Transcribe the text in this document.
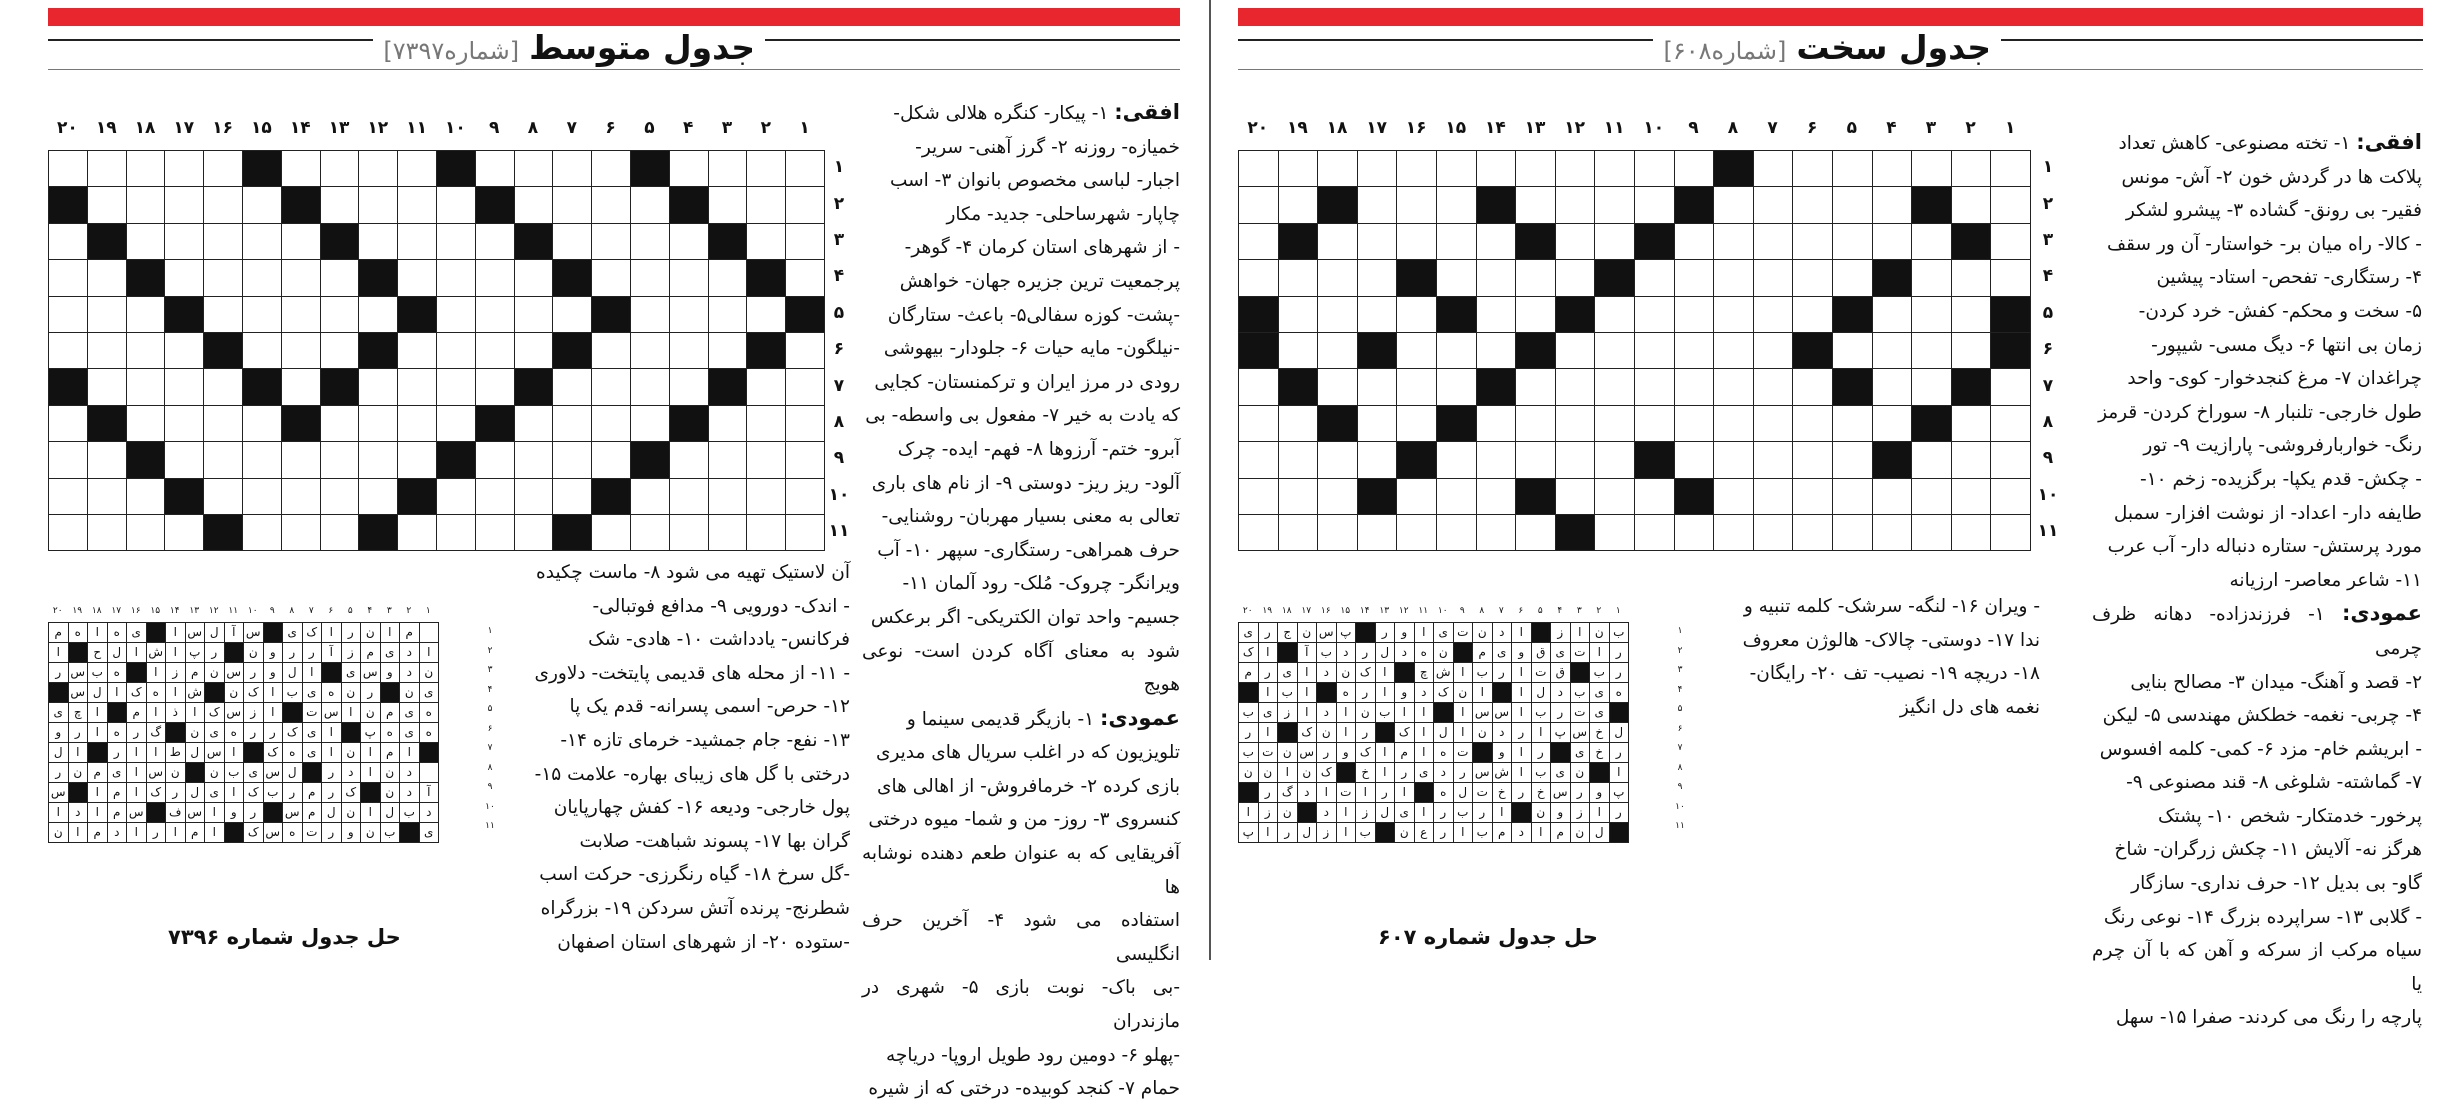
جدول متوسط[شماره۷۳۹۷]
۱
۲
۳
۴
۵
۶
۷
۸
۹
۱۰
۱۱
۱۲
۱۳
۱۴
۱۵
۱۶
۱۷
۱۸
۱۹
۲۰
۱
۲
۳
۴
۵
۶
۷
۸
۹
۱۰
۱۱

افقی: ۱- پیکار- کنگره هلالی شکل-
خمیازه- روزنه ۲- گرز آهنی- سریر-
اجبار- لباسی مخصوص بانوان ۳- اسب
چاپار- شهرساحلی- جدید- مکار
- از شهرهای استان کرمان ۴- گوهر-
پرجمعیت ترین جزیره جهان- خواهش
-پشت- کوزه سفالی۵- باعث- ستارگان
-نیلگون- مایه حیات ۶- جلودار- بیهوشی
رودی در مرز ایران و ترکمنستان- کجایی
که یادت به خیر ۷- مفعول بی واسطه- بی
آبرو- ختم- آرزوها ۸- فهم- ایده- چرک
آلود- ریز ریز- دوستی ۹- از نام های باری
تعالی به معنی بسیار مهربان- روشنایی-
حرف همراهی- رستگاری- سپهر ۱۰- آب
ویرانگر- چروک- مُلک- رود آلمان ۱۱-
جسیم- واحد توان الکتریکی- اگر برعکس
شود به معنای آگاه کردن است- نوعی هویج
عمودی: ۱- بازیگر قدیمی سینما و
تلویزیون که در اغلب سریال های مدیری
بازی کرده ۲- خرمافروش- از اهالی های
کنسروی ۳- روز- من و شما- میوه درختی
آفریقایی که به عنوان طعم دهنده نوشابه ها
استفاده می شود ۴- آخرین حرف انگلیسی
-بی باک- نوبت بازی ۵- شهری در مازندران
-پهلو ۶- دومین رود طویل اروپا- دریاچه
حمام ۷- کنجد کوبیده- درختی که از شیره
آن لاستیک تهیه می شود ۸- ماست چکیده
- اندک- دورویی ۹- مدافع فوتبالی-
فرکانس- یادداشت ۱۰- هادی- شک
- ۱۱- از محله های قدیمی پایتخت- دلاوری
۱۲- حرص- اسمی پسرانه- قدم یک پا
۱۳- نفع- جام جمشید- خرمای تازه ۱۴-
درختی با گل های زیبای بهاره- علامت ۱۵-
پول خارجی- ودیعه ۱۶- کفش چهارپایان
گران بها ۱۷- پسوند شباهت- صلابت
-گل سرخ ۱۸- گیاه رنگرزی- حرکت اسب
شطرنج- پرنده آتش سردکن ۱۹- بزرگراه
-ستوده ۲۰- از شهرهای استان اصفهان
۱
۲
۳
۴
۵
۶
۷
۸
۹
۱۰
۱۱
۱۲
۱۳
۱۴
۱۵
۱۶
۱۷
۱۸
۱۹
۲۰
م	ه	ا	ه	ی		ا	س	ل	آ	س		ی	ک	ا	ر	ن	ا	م	
ا		ح	ل	ا	ش	ا	پ	ر		ن	و	ر	ر	آ	ز	م	ی	د	ا
ر	س	ب	ه		ا	ز	م	ن	س	ر	و	ل	ا		ی	س	و	د	ن
	س	ل	ا	ک	ه	ا	ش		ن	ک	ا	ب	ی	ه	ن	ر		ن	ی
ی	چ	ا		م	ا	ذ	ا	ک	س	ز	ا		ت	س	ا	ن	م	ی	ه
و	ر	ا	ه	ر	گ		ن	ی	ه	ر	ر	ک	ی	ا		پ	ه	ی	ه
ل	ا		ر	ا	ا	ط	ل	س	ا		ک	ه	ی	ا	ن	ا	م	ا	
ر	ن	م	ی	ا	س	ن		ن	ب	ی	س	ل		ر	د	ا	ن	د	
س		ا	م	ا	ک	ر	ل	ی	ا	ک	ب	ر	م	ر	ک		ن	د	آ
ا	د	ا	م	س		ف	س	ا	و	ر		س	م	ل	ن	ا	ل	ب	د
ن	ا	م	د	ا	ر	ا	م	ا		ک	س	ه	ت	ر	و	ن	ب		ی
۱
۲
۳
۴
۵
۶
۷
۸
۹
۱۰
۱۱
حل جدول شماره ۷۳۹۶
جدول سخت[شماره۶۰۸]
۱
۲
۳
۴
۵
۶
۷
۸
۹
۱۰
۱۱
۱۲
۱۳
۱۴
۱۵
۱۶
۱۷
۱۸
۱۹
۲۰
۱
۲
۳
۴
۵
۶
۷
۸
۹
۱۰
۱۱

افقی: ۱- تخته مصنوعی- کاهش تعداد
پلاکت ها در گردش خون ۲- آش- مونس
فقیر- بی رونق- گشاده ۳- پیشرو لشکر
- کالا- راه میان بر- خواستار- آن ور سقف
۴- رستگاری- تفحص- استاد- پیشین
۵- سخت و محکم- کفش- خرد کردن-
زمان بی انتها ۶- دیگ مسی- شیپور-
چراغدان ۷- مرغ کنجدخوار- کوی- واحد
طول خارجی- تلنبار ۸- سوراخ کردن- قرمز
رنگ- خواربارفروشی- پارازیت ۹- تور
- چکش- قدم یکپا- برگزیده- زخم ۱۰-
طایفه دار- اعداد- از نوشت افزار- سمبل
مورد پرستش- ستاره دنباله دار- آب عرب
۱۱- شاعر معاصر- ارزیانه
عمودی: ۱- فرزندزاده- دهانه ظرف چرمی
۲- قصد و آهنگ- میدان ۳- مصالح بنایی
۴- چربی- نغمه- خطکش مهندسی ۵- لیکن
- ابریشم خام- مزد ۶- کمی- کلمه افسوس
۷- گماشته- شلوغی ۸- قند مصنوعی ۹-
پرخور- خدمتکار- شخص ۱۰- پشتک
هرگز نه- آلایش ۱۱- چکش زرگران- شاخ
گاو- بی بدیل ۱۲- حرف نداری- سازگار
- گلابی ۱۳- سراپرده بزرگ ۱۴- نوعی رنگ
سیاه مرکب از سرکه و آهن که با آن چرم یا
پارچه را رنگ می کردند- صفرا ۱۵- سهل
- ویران ۱۶- لنگه- سرشک- کلمه تنبیه و
ندا ۱۷- دوستی- چالاک- هالوژن معروف
۱۸- دریچه ۱۹- نصیب- تف ۲۰- رایگان-
نغمه های دل انگیز
۱
۲
۳
۴
۵
۶
۷
۸
۹
۱۰
۱۱
۱۲
۱۳
۱۴
۱۵
۱۶
۱۷
۱۸
۱۹
۲۰
ی	ر	ج	ن	س	پ		ر	و	ا	ی	ت	ن	د	ا		ز	ا	ن	ب
ک	ا		آ	ب	د	ر	ل	د	ه	ن		م	ی	و	ق	ی	ت	ا	ر
م	ر	ی	ا	د	ن	ک	ا		چ	ش	ا	ب	ر	ا	ت	ق		ب	ر
	ا	ب	ا		ه	ر	ا	و	د	ک	ن	ا		ا	ل	د	ب	ی	ه
ب	ی	ز	ا	د	ا	ن	ب	ا	ا		ا	س	س	ا	ب	ر	ت	ی	
ر	ا		ک	ن	ا	ر		ک	ا	ل	ا	ن	د	ر	ا	پ	س	خ	ل
ب	ت	ن	س	ر	و	ک	ا	م	ا	ه	ت		و	ا	ر		ی	خ	ر
ن	ن	ا	ن	ک		خ	ا	ر	ی	د	ر	س	ش	ا	ب	ی	ن		ا
	ر	گ	د	ا	ت	ا	ر	ا		ه	ل	ت	خ	ر	خ	س	ر	و	پ
ا	ز	ن		د	ا	ز	ل	ی	ا	ر	ب	ر	ا		ن	و	ز	ا	ر
پ	ا	ر	ل	ز	ا	ب		ن	ع	ر	ا	ب	م	د	ا	م	ن	ل	
۱
۲
۳
۴
۵
۶
۷
۸
۹
۱۰
۱۱
حل جدول شماره ۶۰۷
